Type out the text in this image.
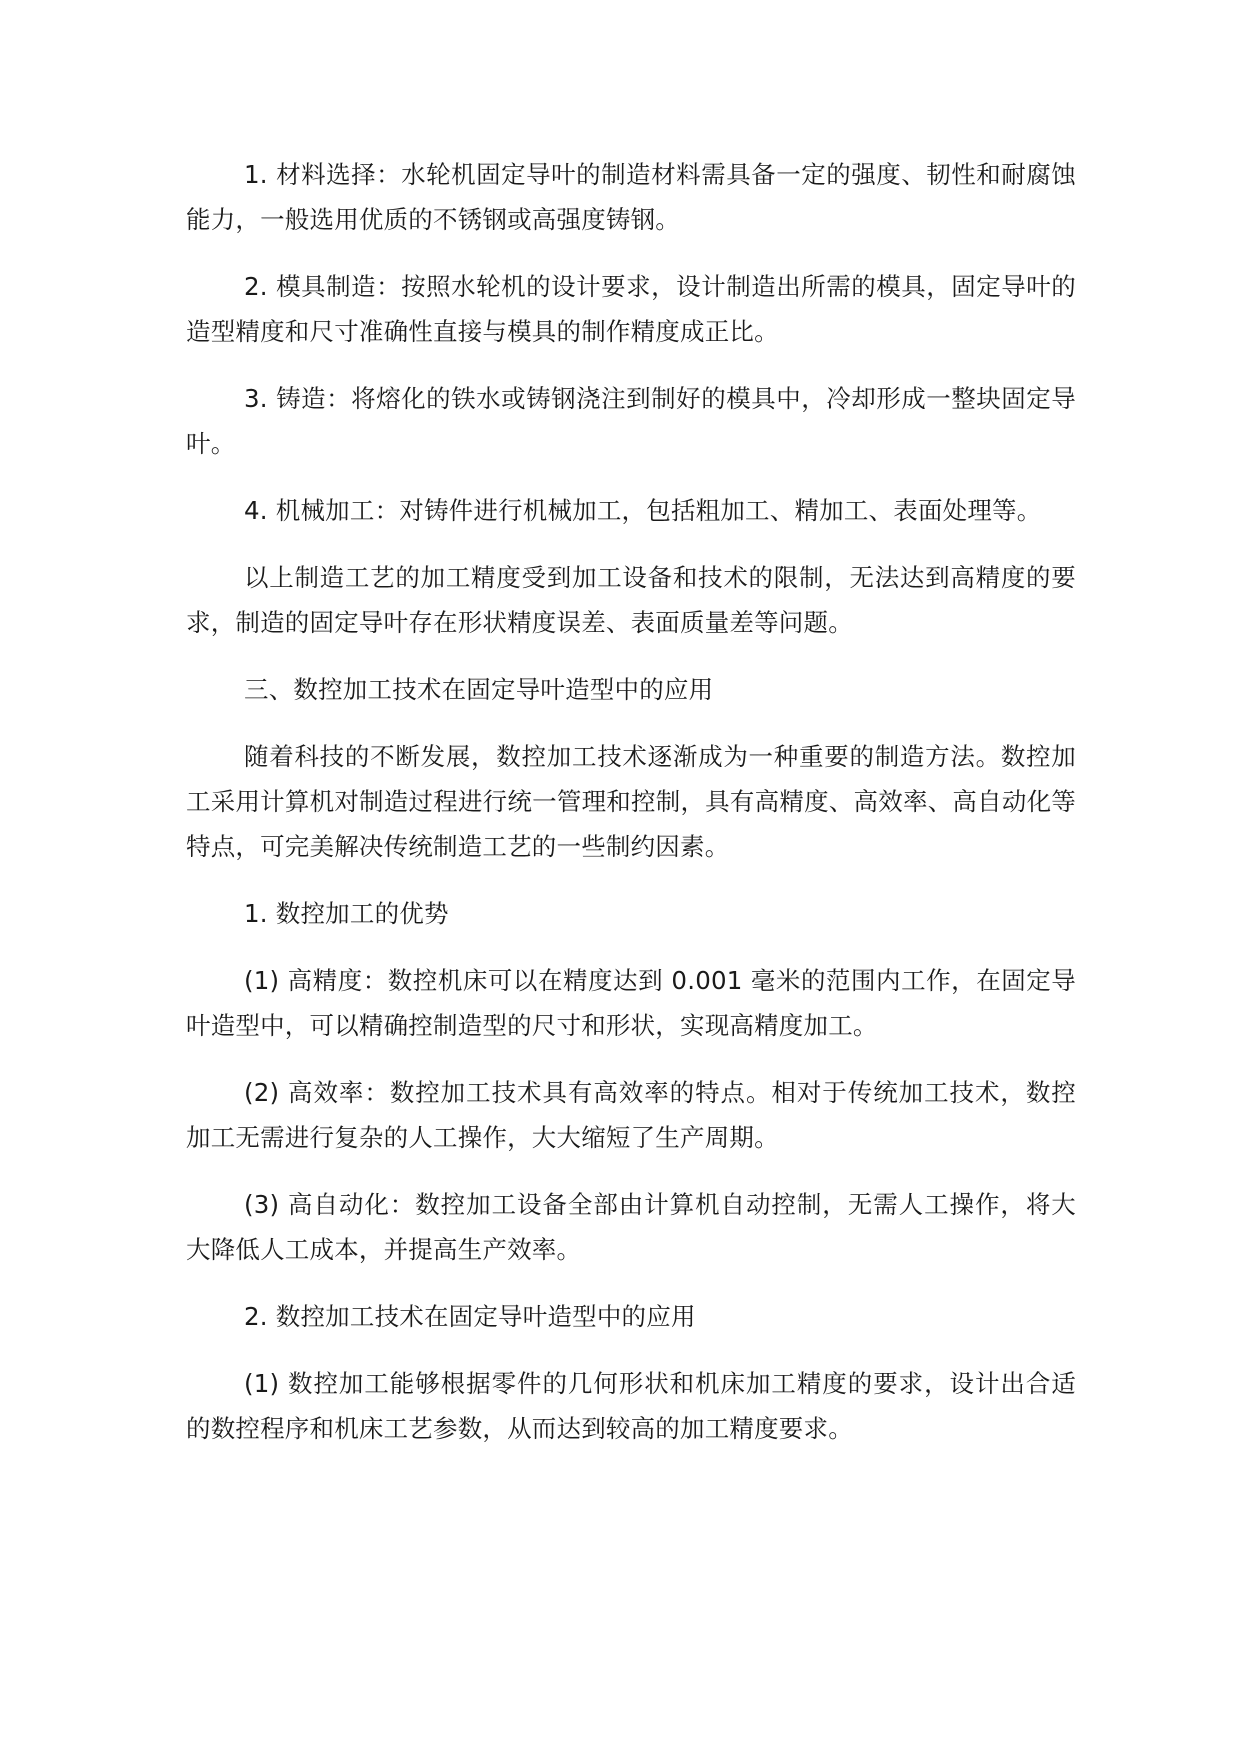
1. 材料选择：水轮机固定导叶的制造材料需具备一定的强度、韧性和耐腐蚀能力，一般选用优质的不锈钢或高强度铸钢。

2. 模具制造：按照水轮机的设计要求，设计制造出所需的模具，固定导叶的造型精度和尺寸准确性直接与模具的制作精度成正比。

3. 铸造：将熔化的铁水或铸钢浇注到制好的模具中，冷却形成一整块固定导叶。

4. 机械加工：对铸件进行机械加工，包括粗加工、精加工、表面处理等。

以上制造工艺的加工精度受到加工设备和技术的限制，无法达到高精度的要求，制造的固定导叶存在形状精度误差、表面质量差等问题。

三、数控加工技术在固定导叶造型中的应用

随着科技的不断发展，数控加工技术逐渐成为一种重要的制造方法。数控加工采用计算机对制造过程进行统一管理和控制，具有高精度、高效率、高自动化等特点，可完美解决传统制造工艺的一些制约因素。

1. 数控加工的优势

(1) 高精度：数控机床可以在精度达到 0.001 毫米的范围内工作，在固定导叶造型中，可以精确控制造型的尺寸和形状，实现高精度加工。

(2) 高效率：数控加工技术具有高效率的特点。相对于传统加工技术，数控加工无需进行复杂的人工操作，大大缩短了生产周期。

(3) 高自动化：数控加工设备全部由计算机自动控制，无需人工操作，将大大降低人工成本，并提高生产效率。

2. 数控加工技术在固定导叶造型中的应用

(1) 数控加工能够根据零件的几何形状和机床加工精度的要求，设计出合适的数控程序和机床工艺参数，从而达到较高的加工精度要求。
